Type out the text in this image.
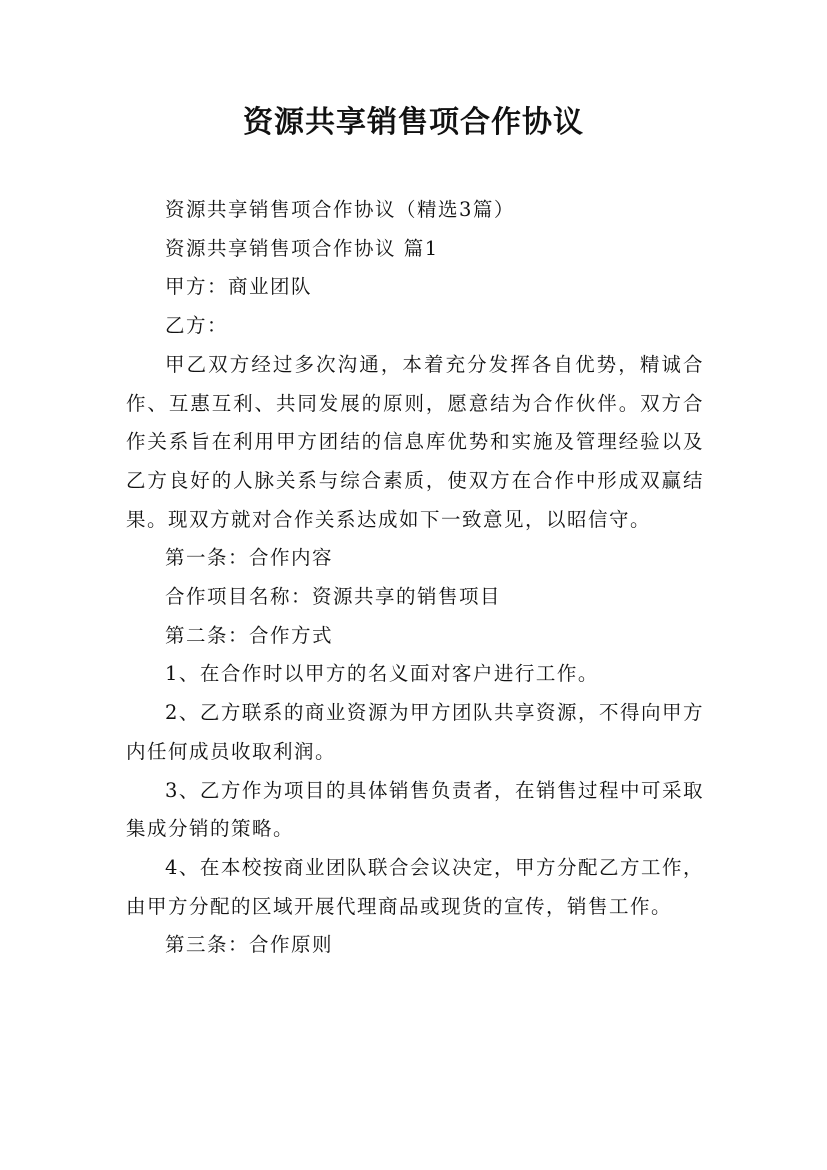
资源共享销售项合作协议

资源共享销售项合作协议（精选3篇）

资源共享销售项合作协议 篇1

甲方：商业团队

乙方：

甲乙双方经过多次沟通，本着充分发挥各自优势，精诚合作、互惠互利、共同发展的原则，愿意结为合作伙伴。双方合作关系旨在利用甲方团结的信息库优势和实施及管理经验以及乙方良好的人脉关系与综合素质，使双方在合作中形成双赢结果。现双方就对合作关系达成如下一致意见，以昭信守。

第一条：合作内容

合作项目名称：资源共享的销售项目

第二条：合作方式

1、在合作时以甲方的名义面对客户进行工作。

2、乙方联系的商业资源为甲方团队共享资源，不得向甲方内任何成员收取利润。

3、乙方作为项目的具体销售负责者，在销售过程中可采取集成分销的策略。

4、在本校按商业团队联合会议决定，甲方分配乙方工作，由甲方分配的区域开展代理商品或现货的宣传，销售工作。

第三条：合作原则
